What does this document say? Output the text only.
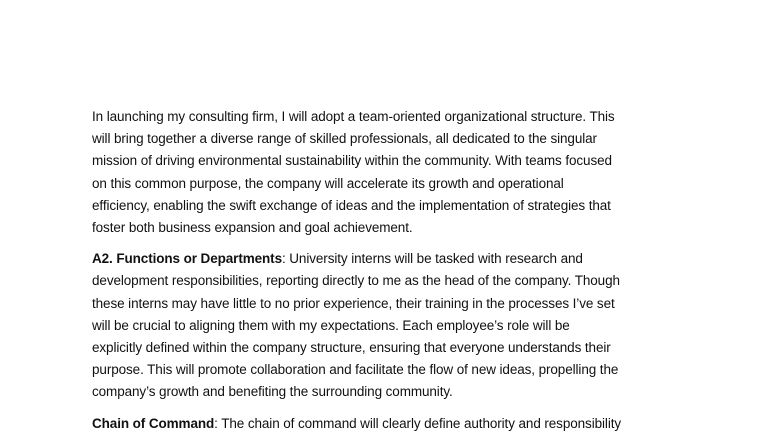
In launching my consulting firm, I will adopt a team-oriented organizational structure. This
will bring together a diverse range of skilled professionals, all dedicated to the singular
mission of driving environmental sustainability within the community. With teams focused
on this common purpose, the company will accelerate its growth and operational
efficiency, enabling the swift exchange of ideas and the implementation of strategies that
foster both business expansion and goal achievement.

A2. Functions or Departments: University interns will be tasked with research and
development responsibilities, reporting directly to me as the head of the company. Though
these interns may have little to no prior experience, their training in the processes I’ve set
will be crucial to aligning them with my expectations. Each employee’s role will be
explicitly defined within the company structure, ensuring that everyone understands their
purpose. This will promote collaboration and facilitate the flow of new ideas, propelling the
company’s growth and benefiting the surrounding community.

Chain of Command: The chain of command will clearly define authority and responsibility
